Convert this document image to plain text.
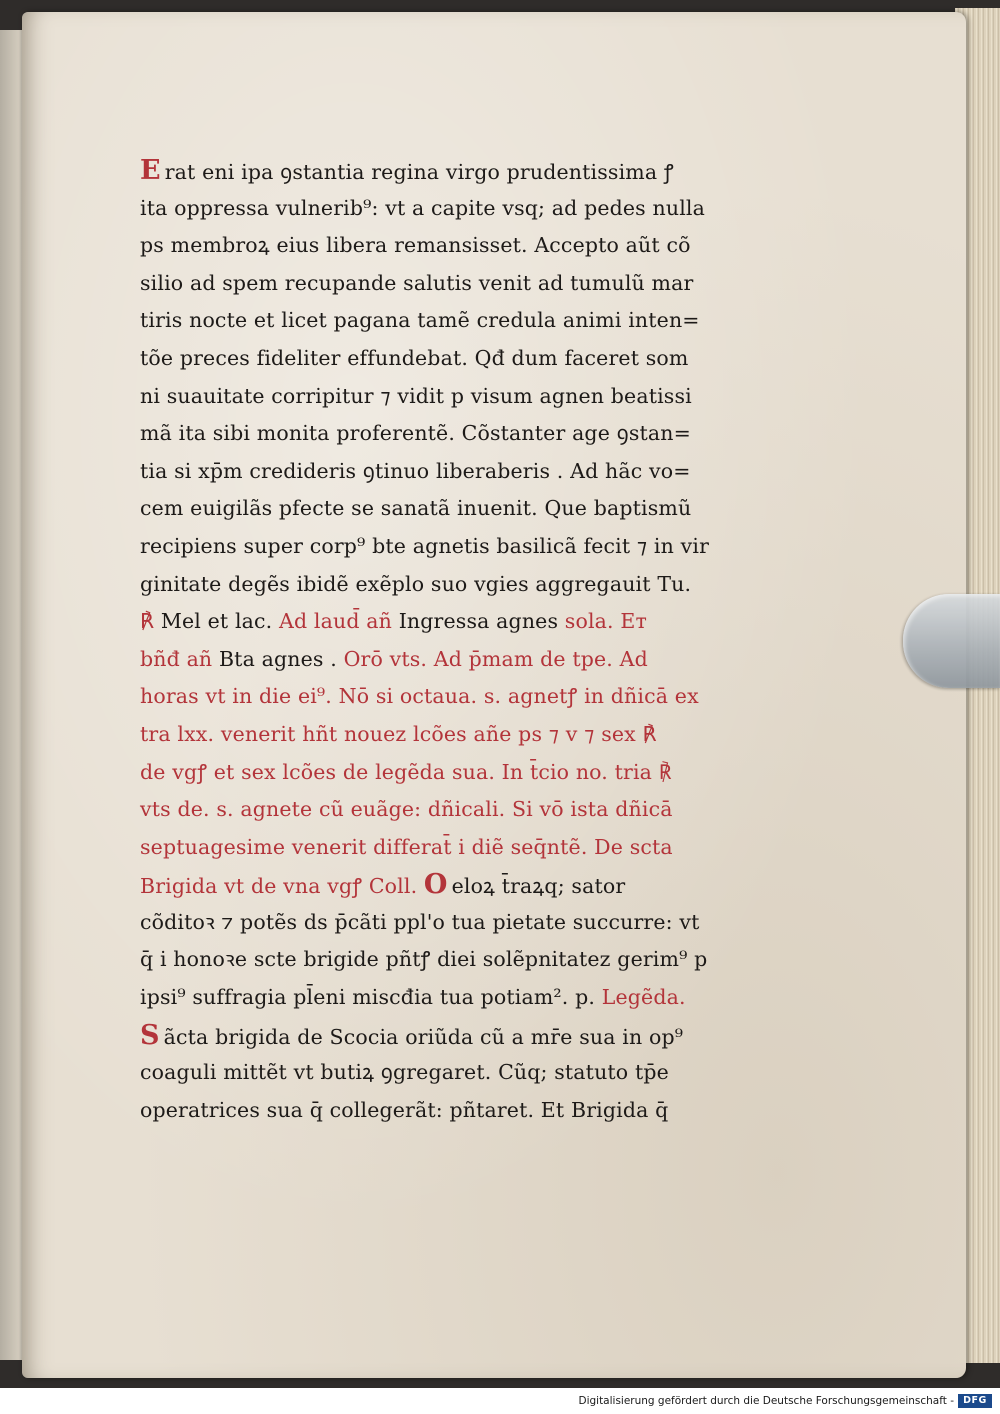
E rat eni ipa ꝯstantia regina virgo prudentissima ꝭ
ita oppressa vulnerib⁹: vt a capite vsq; ad pedes nulla
ps membroꝝ eius libera remansisset. Accepto aũt cõ
silio ad spem recupande salutis venit ad tumulũ mar
tiris nocte et licet pagana tamẽ credula animi inten=
tõe preces fideliter effundebat. Qđ dum faceret som
ni suauitate corripitur ⁊ vidit p visum agnen beatissi
mã ita sibi monita proferentẽ. Cõstanter age ꝯstan=
tia si xp̄m credideris ꝯtinuo liberaberis . Ad hãc vo=
cem euigilãs pfecte se sanatã inuenit. Que baptismũ
recipiens super corp⁹ bte agnetis basilicã fecit ⁊ in vir
ginitate degẽs ibidẽ exẽplo suo vgies aggregauit Tu.
℟ Mel et lac. Ad laud̄ añ Ingressa agnes sola. Ет
bñđ añ Bta agnes . Orō vts. Ad p̄mam de tpe. Ad
horas vt in die ei⁹. Nō si octaua. s. agnetꝭ in dñicā ex
tra lxx. venerit hñt nouez lcões añe ps ⁊ v ⁊ sex ℟
de vgꝭ et sex lcões de legẽda sua. In t̄cio no. tria ℟
vts de. s. agnete cũ euãge: dñicali. Si vō ista dñicā
septuagesime venerit differat̄ i diẽ seq̄ntẽ. De scta
Brigida vt de vna vgꝭ Coll. O eloꝝ t̄raꝝq; sator
cõditoꝛ ⁊ potẽs ds p̄cãti ppl'o tua pietate succurre: vt
q̄ i honoꝛe scte brigide pñtꝭ diei solẽpnitatez gerim⁹ p
ipsi⁹ suffragia pl̄eni miscđia tua potiam². p. Legẽda.
S ãcta brigida de Scocia oriũda cũ a mr̄e sua in op⁹
coaguli mittẽt vt butiꝝ ꝯgregaret. Cũq; statuto tp̄e
operatrices sua q̄ collegerãt: pñtaret. Et Brigida q̄
Digitalisierung gefördert durch die Deutsche Forschungsgemeinschaft - DFG
